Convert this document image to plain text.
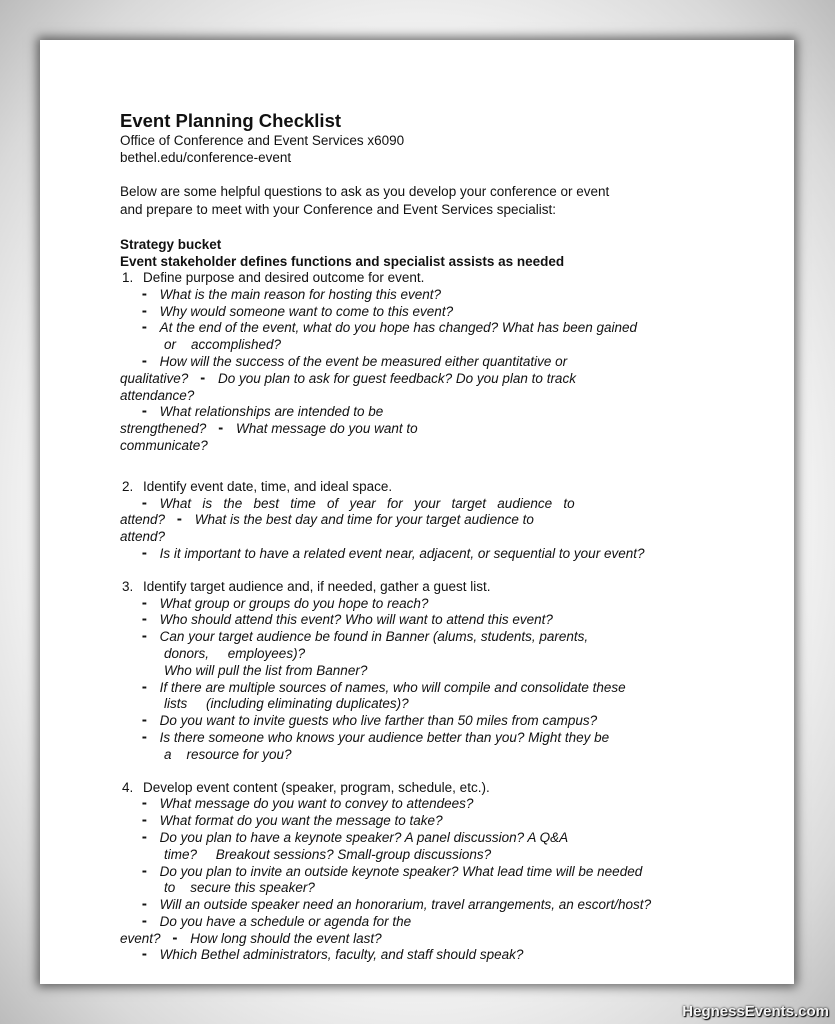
Event Planning Checklist
Office of Conference and Event Services x6090
bethel.edu/conference-event
Below are some helpful questions to ask as you develop your conference or event
and prepare to meet with your Conference and Event Services specialist:
Strategy bucket
Event stakeholder defines functions and specialist assists as needed
1. Define purpose and desired outcome for event.
▪▪ What is the main reason for hosting this event?
▪▪ Why would someone want to come to this event?
▪▪ At the end of the event, what do you hope has changed? What has been gained
or    accomplished?
▪▪ How will the success of the event be measured either quantitative or
qualitative? ▪▪ Do you plan to ask for guest feedback? Do you plan to track
attendance?
▪▪ What relationships are intended to be
strengthened? ▪▪ What message do you want to
communicate?
2. Identify event date, time, and ideal space.
▪▪ What   is   the   best   time   of   year   for   your   target   audience   to
attend? ▪▪ What is the best day and time for your target audience to
attend?
▪▪ Is it important to have a related event near, adjacent, or sequential to your event?
3. Identify target audience and, if needed, gather a guest list.
▪▪ What group or groups do you hope to reach?
▪▪ Who should attend this event? Who will want to attend this event?
▪▪ Can your target audience be found in Banner (alums, students, parents,
donors,     employees)?
Who will pull the list from Banner?
▪▪ If there are multiple sources of names, who will compile and consolidate these
lists     (including eliminating duplicates)?
▪▪ Do you want to invite guests who live farther than 50 miles from campus?
▪▪ Is there someone who knows your audience better than you? Might they be
a    resource for you?
4. Develop event content (speaker, program, schedule, etc.).
▪▪ What message do you want to convey to attendees?
▪▪ What format do you want the message to take?
▪▪ Do you plan to have a keynote speaker? A panel discussion? A Q&A
time?     Breakout sessions? Small-group discussions?
▪▪ Do you plan to invite an outside keynote speaker? What lead time will be needed
to    secure this speaker?
▪▪ Will an outside speaker need an honorarium, travel arrangements, an escort/host?
▪▪ Do you have a schedule or agenda for the
event? ▪▪ How long should the event last?
▪▪ Which Bethel administrators, faculty, and staff should speak?
HegnessEvents.com
